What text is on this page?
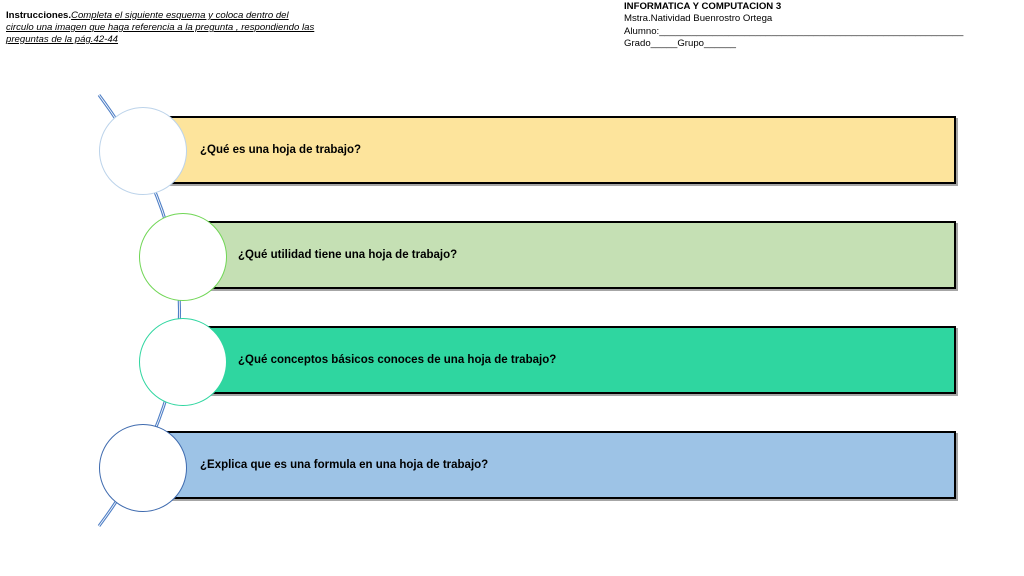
Instrucciones.Completa el siguiente esquema y coloca dentro del circulo una imagen que haga referencia a la pregunta , respondiendo las preguntas de la pág.42-44
INFORMATICA Y COMPUTACION 3
Mstra.Natividad Buenrostro Ortega
Alumno:_________________________________________________________
Grado_____Grupo______
¿Qué es una hoja de trabajo?
¿Qué utilidad tiene una hoja de trabajo?
¿Qué conceptos básicos conoces de una hoja de trabajo?
¿Explica que es una formula en una hoja de trabajo?
